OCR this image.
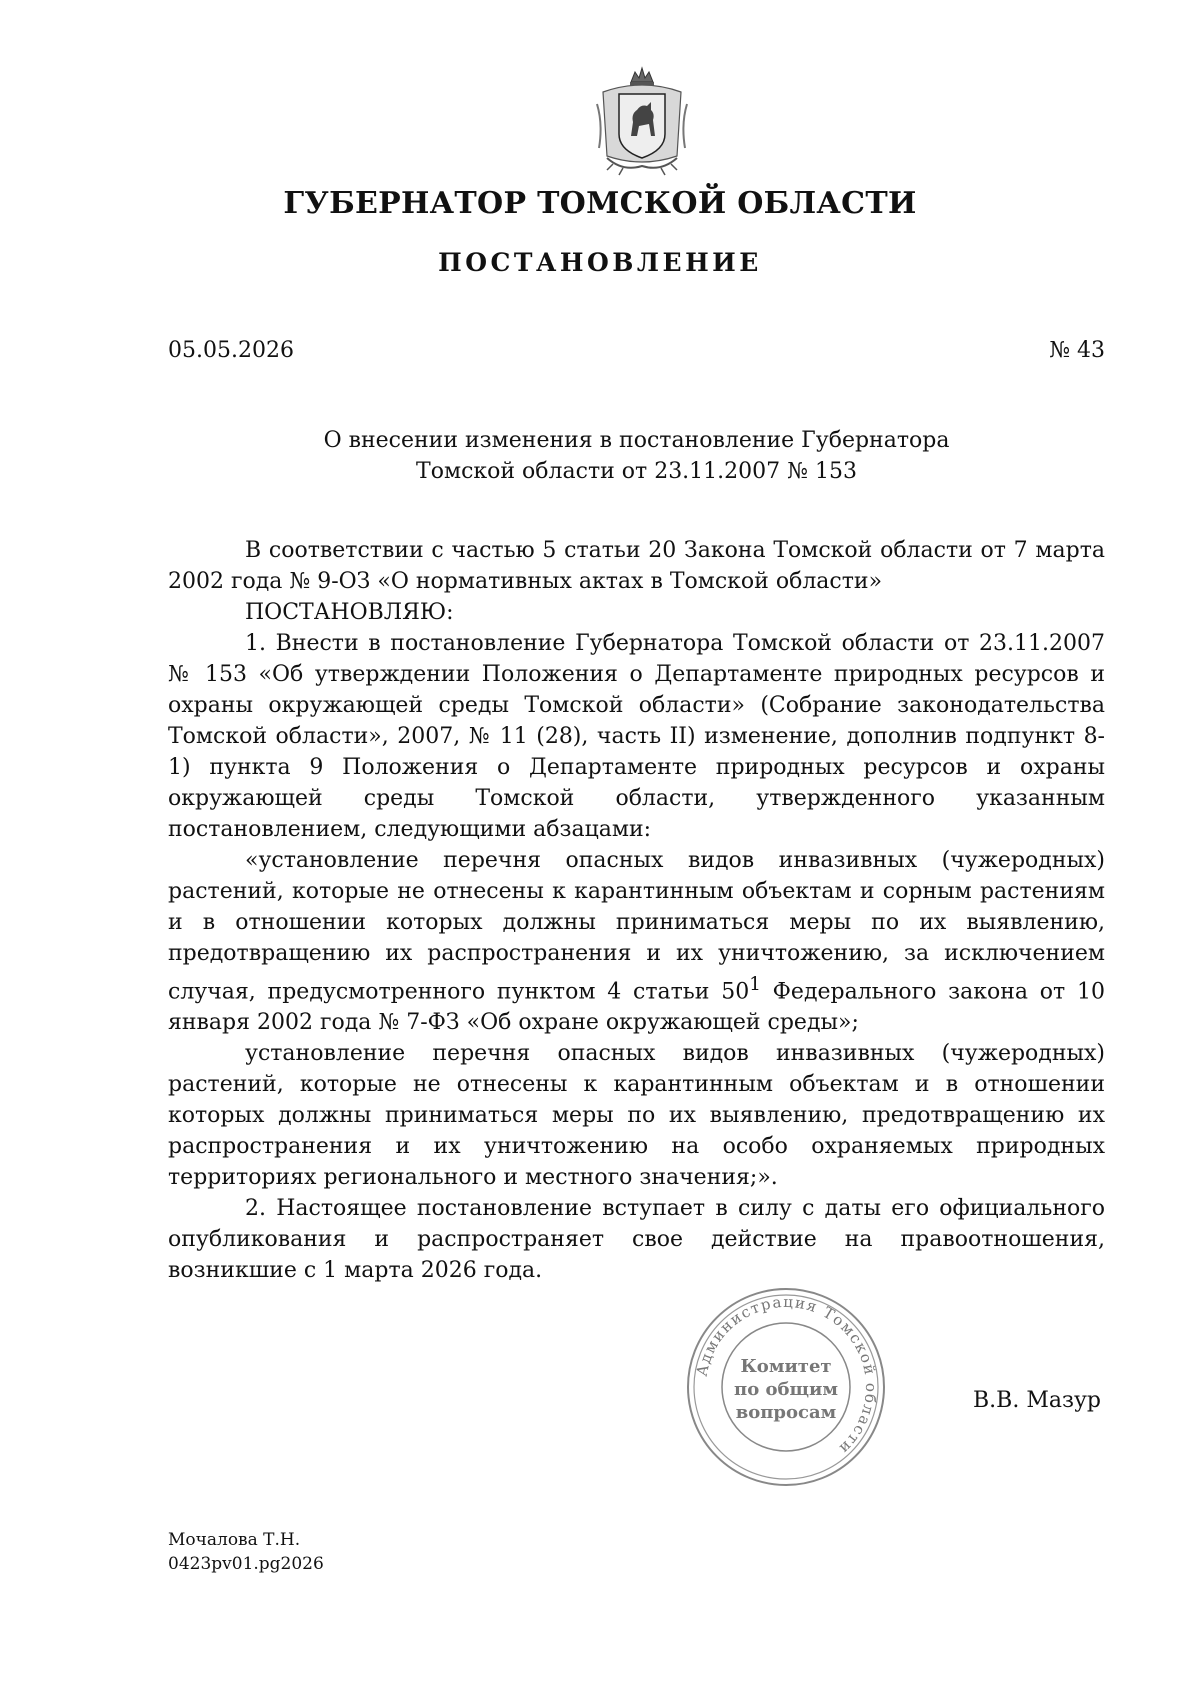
ГУБЕРНАТОР ТОМСКОЙ ОБЛАСТИ
ПОСТАНОВЛЕНИЕ
05.05.2026	№ 43
О внесении изменения в постановление Губернатора
Томской области от 23.11.2007 № 153

В соответствии с частью 5 статьи 20 Закона Томской области от 7 марта 2002 года № 9-ОЗ «О нормативных актах в Томской области»

ПОСТАНОВЛЯЮ:

1. Внести в постановление Губернатора Томской области от 23.11.2007 № 153 «Об утверждении Положения о Департаменте природных ресурсов и охраны окружающей среды Томской области» (Собрание законодательства Томской области», 2007, № 11 (28), часть II) изменение, дополнив подпункт 8-1) пункта 9 Положения о Департаменте природных ресурсов и охраны окружающей среды Томской области, утвержденного указанным постановлением, следующими абзацами:

«установление перечня опасных видов инвазивных (чужеродных) растений, которые не отнесены к карантинным объектам и сорным растениям и в отношении которых должны приниматься меры по их выявлению, предотвращению их распространения и их уничтожению, за исключением случая, предусмотренного пунктом 4 статьи $50^1$ Федерального закона от 10 января 2002 года № 7-ФЗ «Об охране окружающей среды»;

установление перечня опасных видов инвазивных (чужеродных) растений, которые не отнесены к карантинным объектам и в отношении которых должны приниматься меры по их выявлению, предотвращению их распространения и их уничтожению на особо охраняемых природных территориях регионального и местного значения;».

2. Настоящее постановление вступает в силу с даты его официального опубликования и распространяет свое действие на правоотношения, возникшие с 1 марта 2026 года.

Администрация Томской области
Комитет
по общим
вопросам	В.В. Мазур
Мочалова Т.Н.
0423pv01.pg2026
